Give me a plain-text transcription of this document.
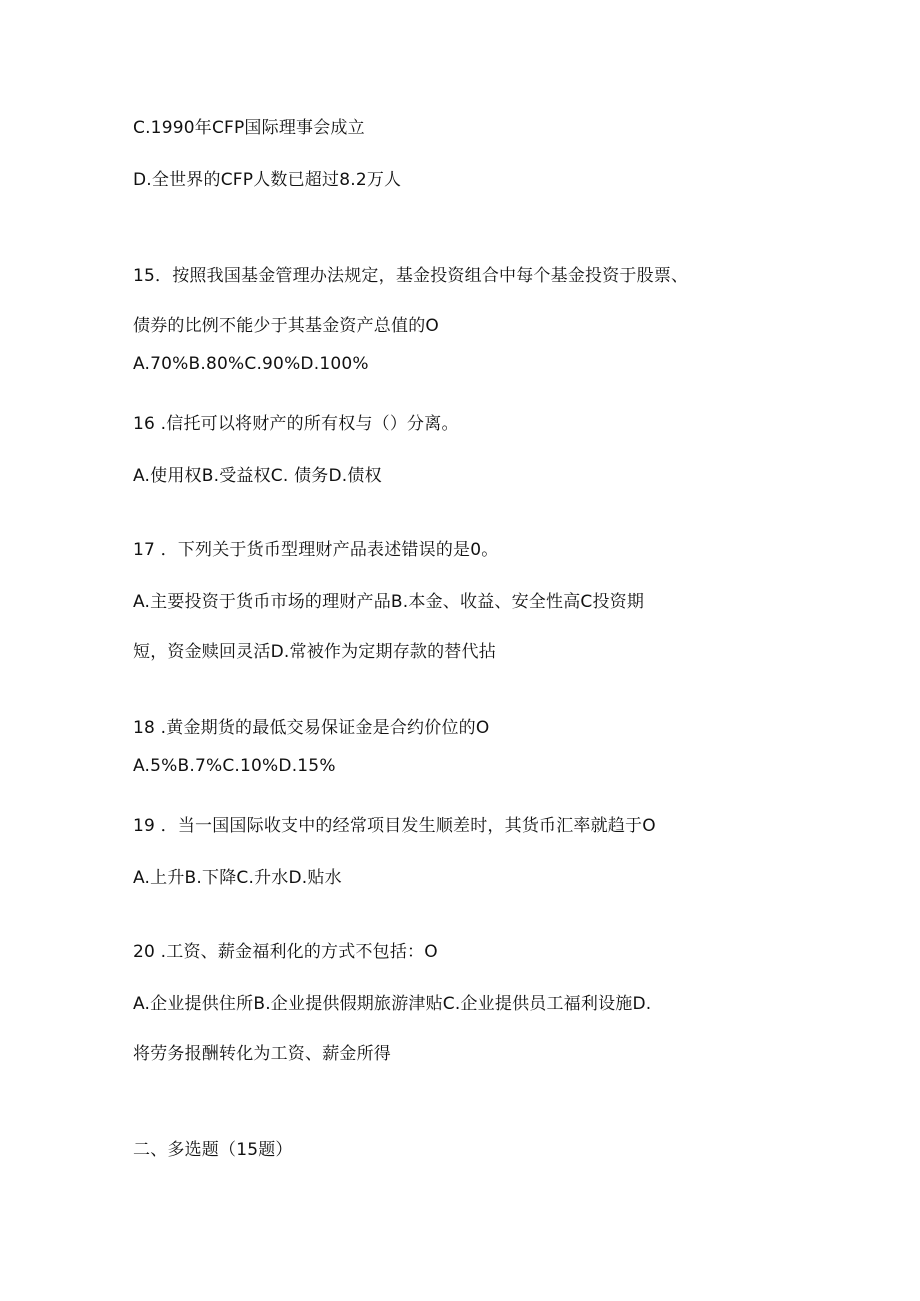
C.1990年CFP国际理事会成立
D.全世界的CFP人数已超过8.2万人
15．按照我国基金管理办法规定，基金投资组合中每个基金投资于股票、
债券的比例不能少于其基金资产总值的O
A.70%B.80%C.90%D.100%
16 .信托可以将财产的所有权与（）分离。
A.使用权B.受益权C. 债务D.债权
17 ．下列关于货币型理财产品表述错误的是0。
A.主要投资于货币市场的理财产品B.本金、收益、安全性高C投资期
短，资金赎回灵活D.常被作为定期存款的替代拈
18 .黄金期货的最低交易保证金是合约价位的O
A.5%B.7%C.10%D.15%
19 ．当一国国际收支中的经常项目发生顺差时，其货币汇率就趋于O
A.上升B.下降C.升水D.贴水
20 .工资、薪金福利化的方式不包括：O
A.企业提供住所B.企业提供假期旅游津贴C.企业提供员工福利设施D.
将劳务报酬转化为工资、薪金所得
二、多选题（15题）
